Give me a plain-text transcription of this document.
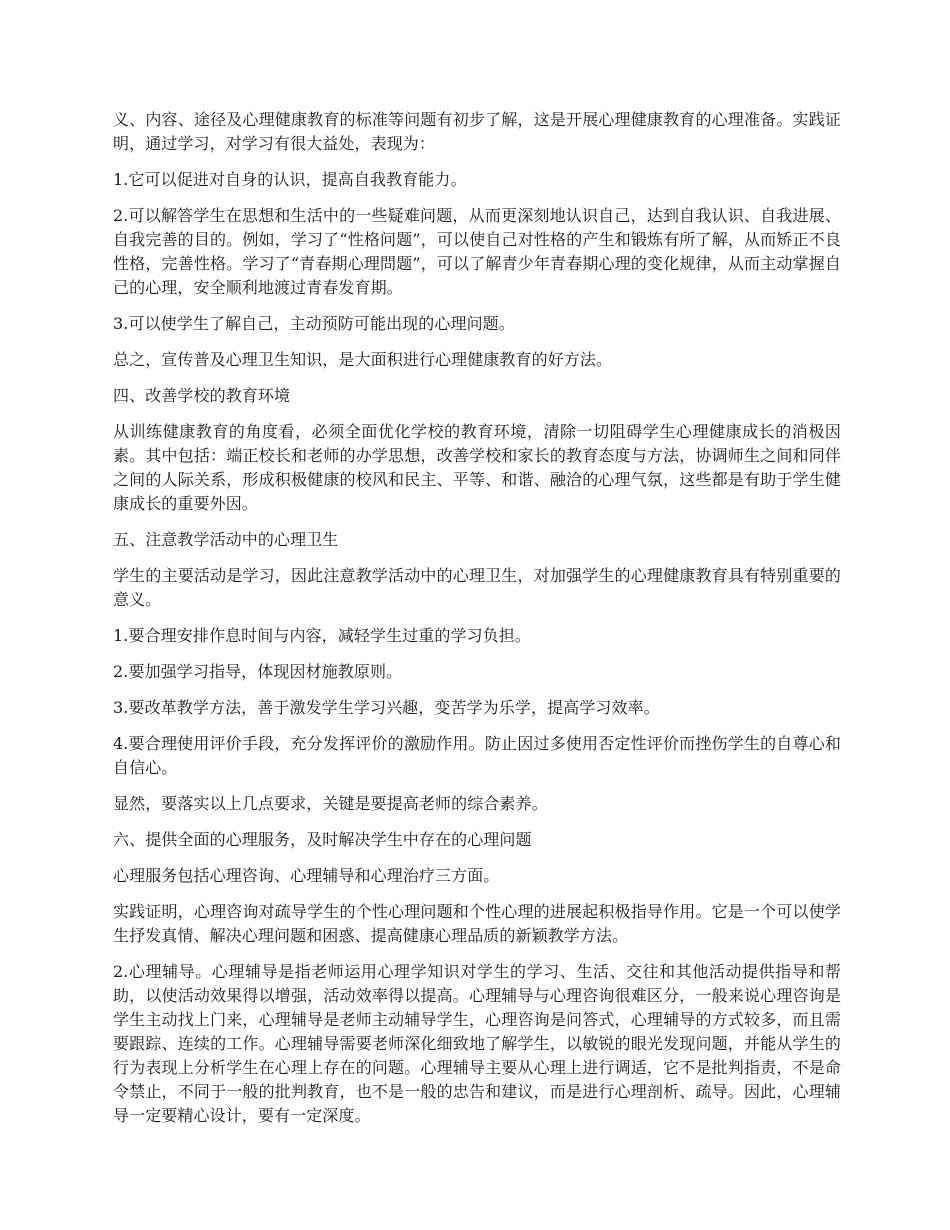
义、内容、途径及心理健康教育的标准等问题有初步了解，这是开展心理健康教育的心理准备。实践证明，通过学习，对学习有很大益处，表现为：

1.它可以促进对自身的认识，提高自我教育能力。

2.可以解答学生在思想和生活中的一些疑难问题，从而更深刻地认识自己，达到自我认识、自我进展、自我完善的目的。例如，学习了“性格问题”，可以使自己对性格的产生和锻炼有所了解，从而矫正不良性格，完善性格。学习了“青春期心理問题”，可以了解青少年青春期心理的变化规律，从而主动掌握自己的心理，安全顺利地渡过青春发育期。

3.可以使学生了解自己，主动预防可能出现的心理问题。

总之，宣传普及心理卫生知识，是大面积进行心理健康教育的好方法。

四、改善学校的教育环境

从训练健康教育的角度看，必须全面优化学校的教育环境，清除一切阻碍学生心理健康成长的消极因素。其中包括：端正校长和老师的办学思想，改善学校和家长的教育态度与方法，协调师生之间和同伴之间的人际关系，形成积极健康的校风和民主、平等、和谐、融洽的心理气氛，这些都是有助于学生健康成长的重要外因。

五、注意教学活动中的心理卫生

学生的主要活动是学习，因此注意教学活动中的心理卫生，对加强学生的心理健康教育具有特别重要的意义。

1.要合理安排作息时间与内容，减轻学生过重的学习负担。

2.要加强学习指导，体现因材施教原则。

3.要改革教学方法，善于激发学生学习兴趣，变苦学为乐学，提高学习效率。

4.要合理使用评价手段，充分发挥评价的激励作用。防止因过多使用否定性评价而挫伤学生的自尊心和自信心。

显然，要落实以上几点要求，关键是要提高老师的综合素养。

六、提供全面的心理服务，及时解决学生中存在的心理问题

心理服务包括心理咨询、心理辅导和心理治疗三方面。

实践证明，心理咨询对疏导学生的个性心理问题和个性心理的进展起积极指导作用。它是一个可以使学生抒发真情、解决心理问题和困惑、提高健康心理品质的新颖教学方法。

2.心理辅导。心理辅导是指老师运用心理学知识对学生的学习、生活、交往和其他活动提供指导和帮助，以使活动效果得以增强，活动效率得以提高。心理辅导与心理咨询很难区分，一般来说心理咨询是学生主动找上门来，心理辅导是老师主动辅导学生，心理咨询是问答式，心理辅导的方式较多，而且需要跟踪、连续的工作。心理辅导需要老师深化细致地了解学生，以敏锐的眼光发现问题，并能从学生的行为表现上分析学生在心理上存在的问题。心理辅导主要从心理上进行调适，它不是批判指责，不是命令禁止，不同于一般的批判教育，也不是一般的忠告和建议，而是进行心理剖析、疏导。因此，心理辅导一定要精心设计，要有一定深度。
